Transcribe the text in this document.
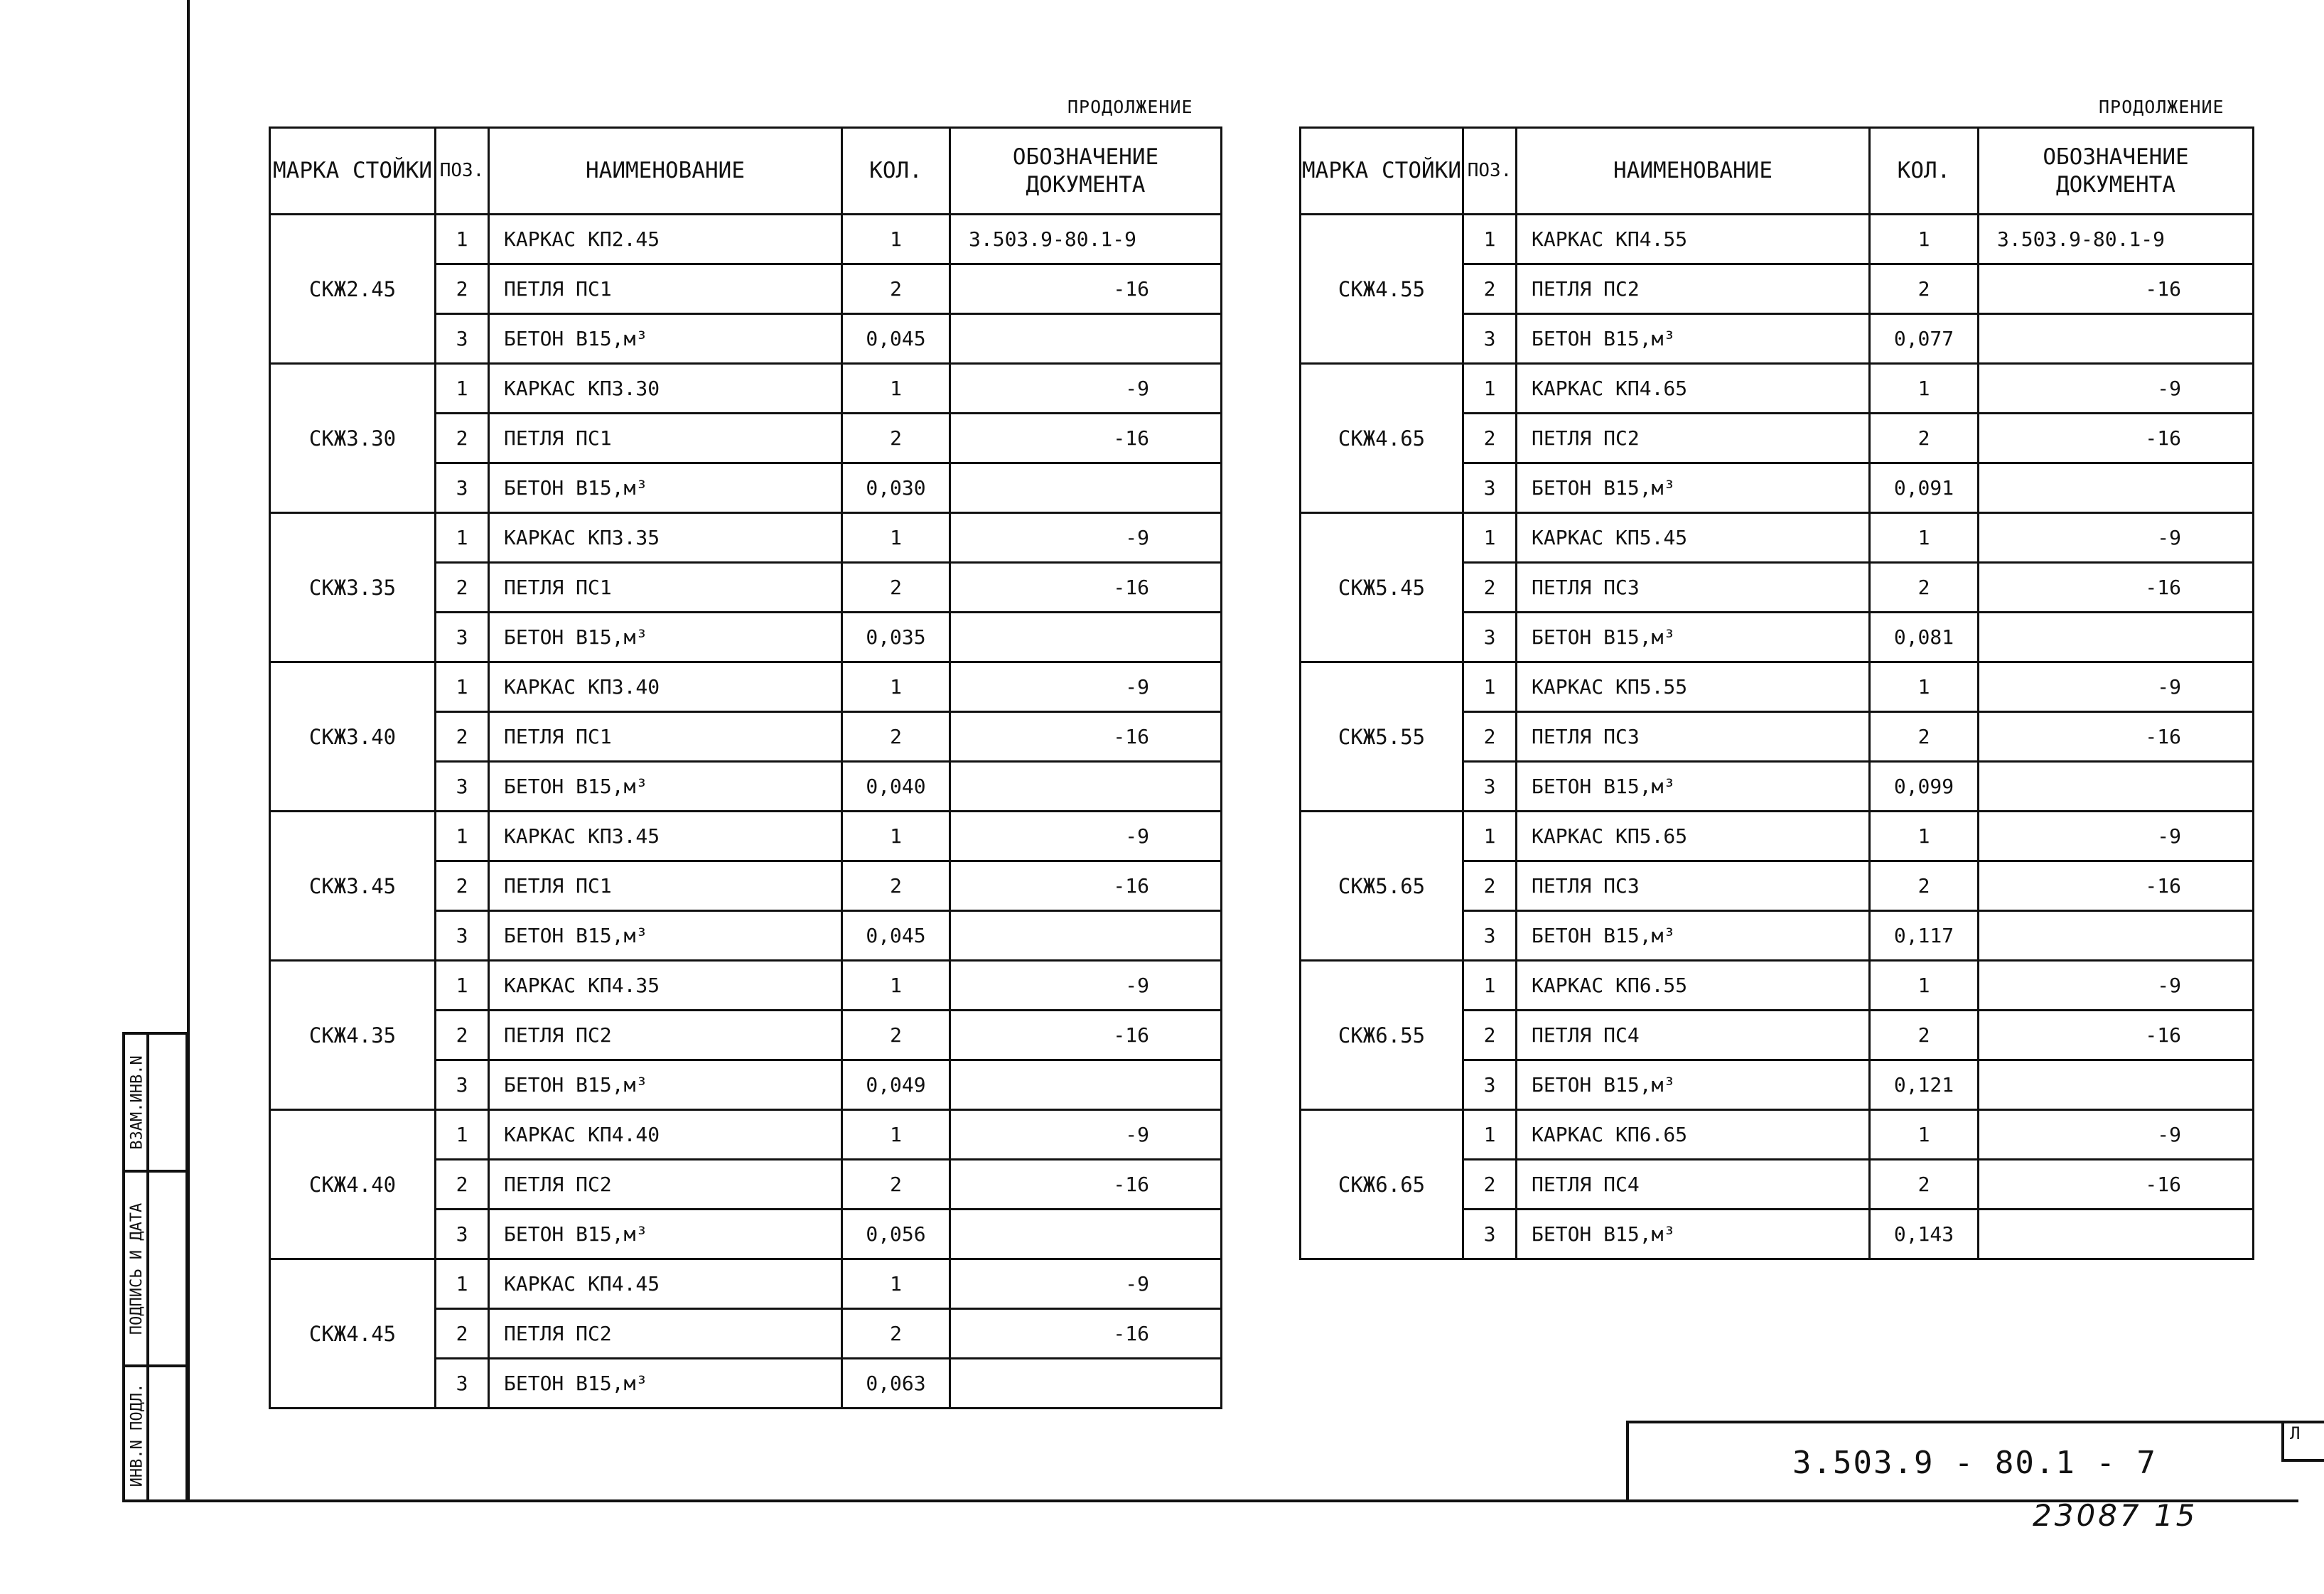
ВЗАМ.ИНВ.N
ПОДПИСЬ И ДАТА
ИНВ.N ПОДЛ.
ПРОДОЛЖЕНИЕ	ПРОДОЛЖЕНИЕ
МАРКА СТОЙКИ	ПОЗ.	НАИМЕНОВАНИЕ	КОЛ.	ОБОЗНАЧЕНИЕ ДОКУМЕНТА
СКЖ2.45	1	КАРКАС КП2.45	1	3.503.9-80.1-9
	2	ПЕТЛЯ ПС1	2	-16
	3	БЕТОН В15,м³	0,045	
СКЖ3.30	1	КАРКАС КП3.30	1	-9
	2	ПЕТЛЯ ПС1	2	-16
	3	БЕТОН В15,м³	0,030	
СКЖ3.35	1	КАРКАС КП3.35	1	-9
	2	ПЕТЛЯ ПС1	2	-16
	3	БЕТОН В15,м³	0,035	
СКЖ3.40	1	КАРКАС КП3.40	1	-9
	2	ПЕТЛЯ ПС1	2	-16
	3	БЕТОН В15,м³	0,040	
СКЖ3.45	1	КАРКАС КП3.45	1	-9
	2	ПЕТЛЯ ПС1	2	-16
	3	БЕТОН В15,м³	0,045	
СКЖ4.35	1	КАРКАС КП4.35	1	-9
	2	ПЕТЛЯ ПС2	2	-16
	3	БЕТОН В15,м³	0,049	
СКЖ4.40	1	КАРКАС КП4.40	1	-9
	2	ПЕТЛЯ ПС2	2	-16
	3	БЕТОН В15,м³	0,056	
СКЖ4.45	1	КАРКАС КП4.45	1	-9
	2	ПЕТЛЯ ПС2	2	-16
	3	БЕТОН В15,м³	0,063	
МАРКА СТОЙКИ	ПОЗ.	НАИМЕНОВАНИЕ	КОЛ.	ОБОЗНАЧЕНИЕ ДОКУМЕНТА
СКЖ4.55	1	КАРКАС КП4.55	1	3.503.9-80.1-9
	2	ПЕТЛЯ ПС2	2	-16
	3	БЕТОН В15,м³	0,077	
СКЖ4.65	1	КАРКАС КП4.65	1	-9
	2	ПЕТЛЯ ПС2	2	-16
	3	БЕТОН В15,м³	0,091	
СКЖ5.45	1	КАРКАС КП5.45	1	-9
	2	ПЕТЛЯ ПС3	2	-16
	3	БЕТОН В15,м³	0,081	
СКЖ5.55	1	КАРКАС КП5.55	1	-9
	2	ПЕТЛЯ ПС3	2	-16
	3	БЕТОН В15,м³	0,099	
СКЖ5.65	1	КАРКАС КП5.65	1	-9
	2	ПЕТЛЯ ПС3	2	-16
	3	БЕТОН В15,м³	0,117	
СКЖ6.55	1	КАРКАС КП6.55	1	-9
	2	ПЕТЛЯ ПС4	2	-16
	3	БЕТОН В15,м³	0,121	
СКЖ6.65	1	КАРКАС КП6.65	1	-9
	2	ПЕТЛЯ ПС4	2	-16
	3	БЕТОН В15,м³	0,143	
3.503.9 - 80.1 - 7
Л
23087 15
